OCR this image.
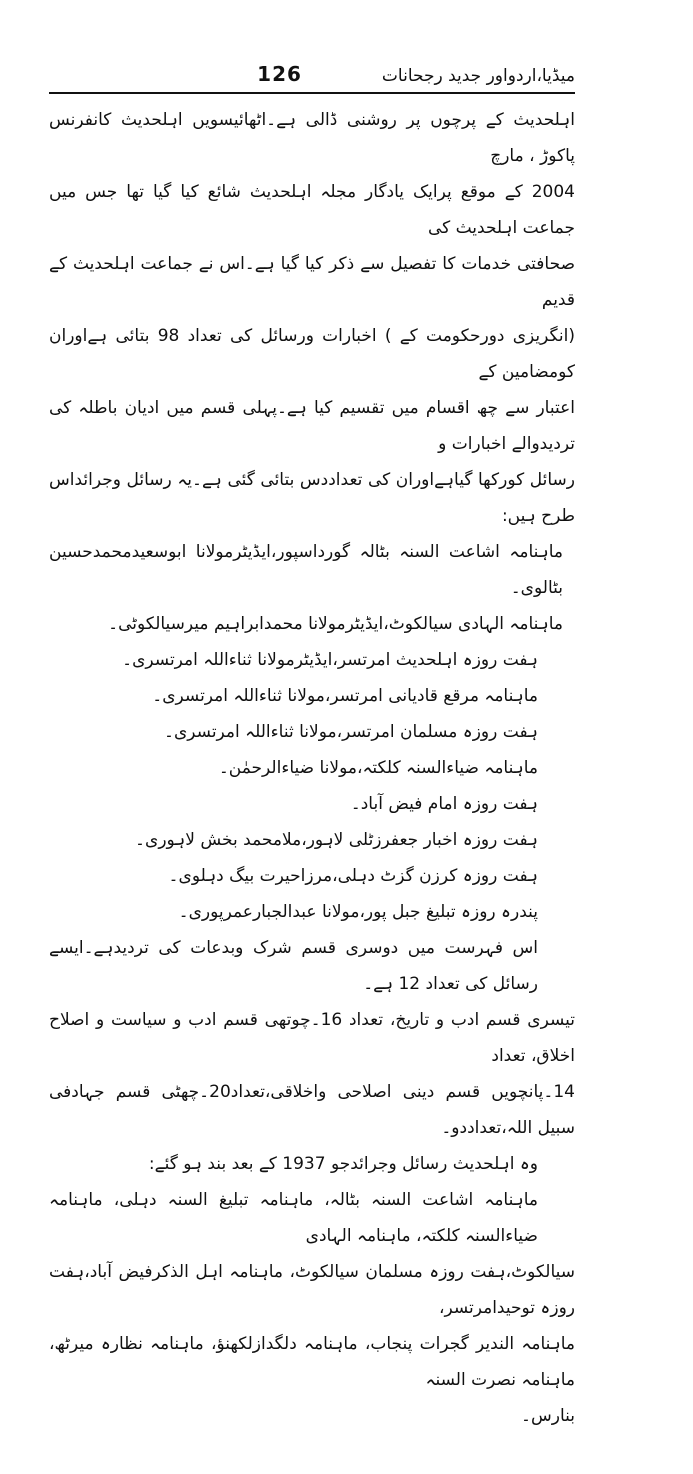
میڈیا،اردواور جدید رجحانات
126
اہلحدیث کے پرچوں پر روشنی ڈالی ہے۔اٹھائیسویں اہلحدیث کانفرنس پاکوڑ ، مارچ
2004 کے موقع پرایک یادگار مجلہ اہلحدیث شائع کیا گیا تھا جس میں جماعت اہلحدیث کی
صحافتی خدمات کا تفصیل سے ذکر کیا گیا ہے۔اس نے جماعت اہلحدیث کے قدیم
(انگریزی دورحکومت کے ) اخبارات ورسائل کی تعداد 98 بتائی ہےاوران کومضامین کے
اعتبار سے چھ اقسام میں تقسیم کیا ہے۔پہلی قسم میں ادیان باطلہ کی تردیدوالے اخبارات و
رسائل کورکھا گیاہےاوران کی تعداددس بتائی گئی ہے۔یہ رسائل وجرائداس طرح ہیں:
ماہنامہ اشاعت السنہ بٹالہ گورداسپور،ایڈیٹرمولانا ابوسعیدمحمدحسین بٹالوی۔
ماہنامہ الہادی سیالکوٹ،ایڈیٹرمولانا محمدابراہیم میرسیالکوٹی۔
ہفت روزہ اہلحدیث امرتسر،ایڈیٹرمولانا ثناءاللہ امرتسری۔
ماہنامہ مرقع قادیانی امرتسر،مولانا ثناءاللہ امرتسری۔
ہفت روزہ مسلمان امرتسر،مولانا ثناءاللہ امرتسری۔
ماہنامہ ضیاءالسنہ کلکتہ،مولانا ضیاءالرحمٰن۔
ہفت روزہ امام فیض آباد۔
ہفت روزہ اخبار جعفرزٹلی لاہور،ملامحمد بخش لاہوری۔
ہفت روزہ کرزن گزٹ دہلی،مرزاحیرت بیگ دہلوی۔
پندرہ روزہ تبلیغ جبل پور،مولانا عبدالجبارعمرپوری۔
اس فہرست میں دوسری قسم شرک وبدعات کی تردیدہے۔ایسے رسائل کی تعداد 12 ہے۔
تیسری قسم ادب و تاریخ، تعداد 16۔چوتھی قسم ادب و سیاست و اصلاح اخلاق، تعداد
14۔پانچویں قسم دینی اصلاحی واخلاقی،تعداد20۔چھٹی قسم جہادفی سبیل اللہ،تعداددو۔
وہ اہلحدیث رسائل وجرائدجو 1937 کے بعد بند ہو گئے:
ماہنامہ اشاعت السنہ بٹالہ، ماہنامہ تبلیغ السنہ دہلی، ماہنامہ ضیاءالسنہ کلکتہ، ماہنامہ الہادی
سیالکوٹ،ہفت روزہ مسلمان سیالکوٹ، ماہنامہ اہل الذکرفیض آباد،ہفت روزہ توحیدامرتسر،
ماہنامہ الندیر گجرات پنجاب، ماہنامہ دلگدازلکھنؤ، ماہنامہ نظارہ میرٹھ، ماہنامہ نصرت السنہ
بنارس۔
